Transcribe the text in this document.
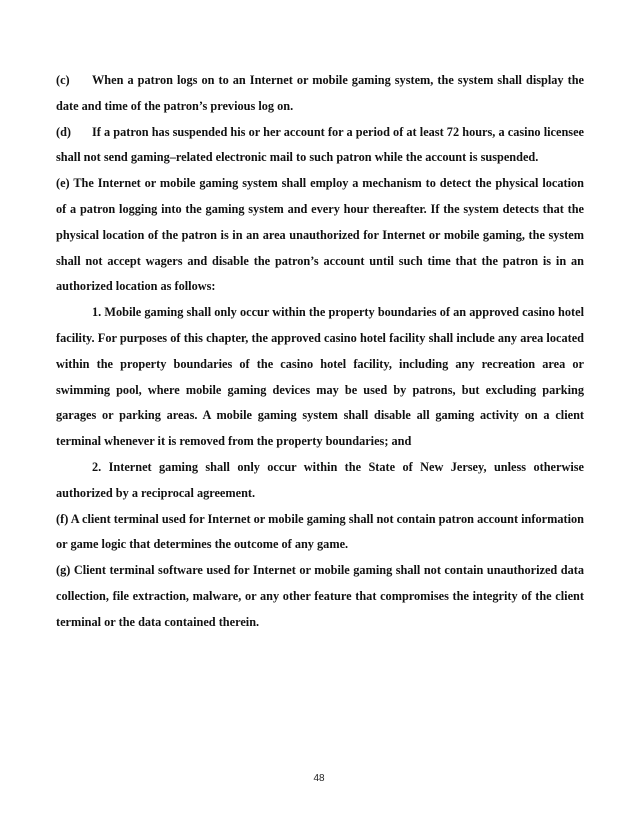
(c) When a patron logs on to an Internet or mobile gaming system, the system shall display the date and time of the patron’s previous log on.

(d) If a patron has suspended his or her account for a period of at least 72 hours, a casino licensee shall not send gaming–related electronic mail to such patron while the account is suspended.

(e) The Internet or mobile gaming system shall employ a mechanism to detect the physical location of a patron logging into the gaming system and every hour thereafter. If the system detects that the physical location of the patron is in an area unauthorized for Internet or mobile gaming, the system shall not accept wagers and disable the patron’s account until such time that the patron is in an authorized location as follows:

1. Mobile gaming shall only occur within the property boundaries of an approved casino hotel facility. For purposes of this chapter, the approved casino hotel facility shall include any area located within the property boundaries of the casino hotel facility, including any recreation area or swimming pool, where mobile gaming devices may be used by patrons, but excluding parking garages or parking areas. A mobile gaming system shall disable all gaming activity on a client terminal whenever it is removed from the property boundaries; and

2. Internet gaming shall only occur within the State of New Jersey, unless otherwise authorized by a reciprocal agreement.

(f) A client terminal used for Internet or mobile gaming shall not contain patron account information or game logic that determines the outcome of any game.

(g) Client terminal software used for Internet or mobile gaming shall not contain unauthorized data collection, file extraction, malware, or any other feature that compromises the integrity of the client terminal or the data contained therein.

48
